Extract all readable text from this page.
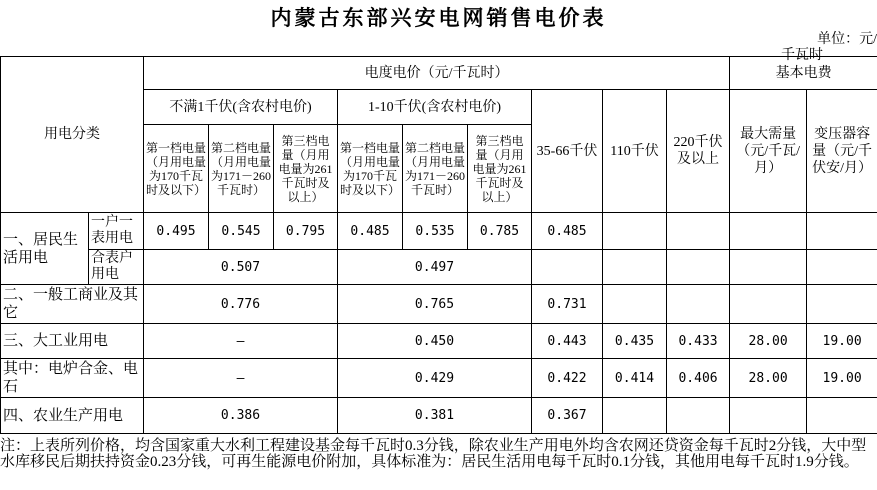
内蒙古东部兴安电网销售电价表
单位：元/
千瓦时
用电分类		电度电价（元/千瓦时）									基本电费	
		不满1千伏(含农村电价)			1-10千伏(含农村电价)			35-66千伏	110千伏	220千伏及以上	最大需量（元/千瓦/月）	变压器容量（元/千伏安/月）
		第一档电量（月用电量为170千瓦时及以下）	第二档电量（月用电量为171－260千瓦时）	第三档电量（月用电量为261千瓦时及以上）	第一档电量（月用电量为170千瓦时及以下）	第二档电量（月用电量为171－260千瓦时）	第三档电量（月用电量为261千瓦时及以上）					
一、居民生活用电	一户一表用电	0.495	0.545	0.795	0.485	0.535	0.785	0.485				
	合表户用电	0.507			0.497							
二、一般工商业及其它		0.776			0.765			0.731				
三、大工业用电		–			0.450			0.443	0.435	0.433	28.00	19.00
其中：电炉合金、电石		–			0.429			0.422	0.414	0.406	28.00	19.00
四、农业生产用电		0.386			0.381			0.367				
注：上表所列价格，均含国家重大水利工程建设基金每千瓦时0.3分钱，除农业生产用电外均含农网还贷资金每千瓦时2分钱，大中型水库移民后期扶持资金0.23分钱，可再生能源电价附加，具体标准为：居民生活用电每千瓦时0.1分钱，其他用电每千瓦时1.9分钱。
